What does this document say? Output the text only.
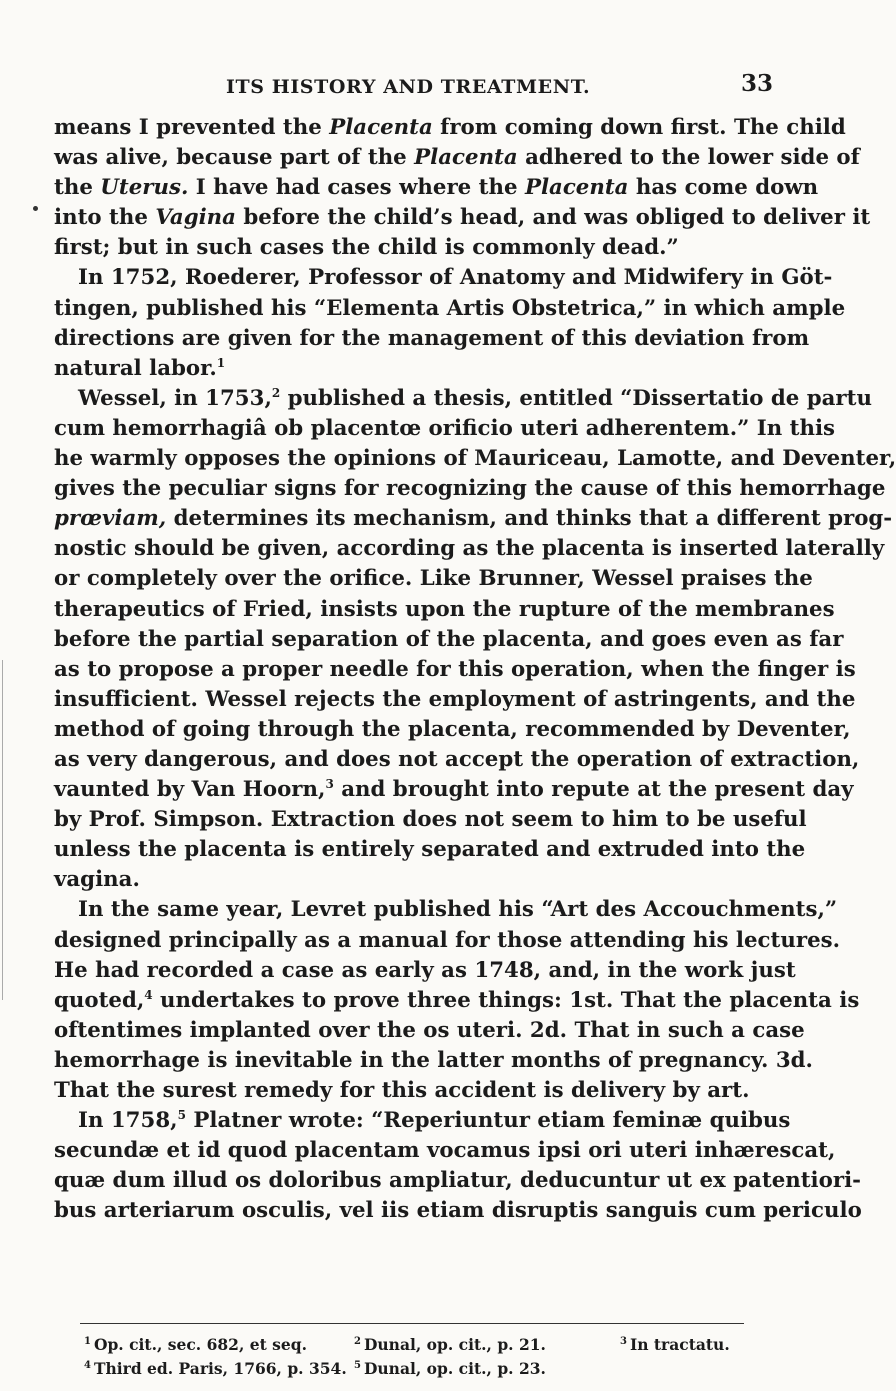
ITS HISTORY AND TREATMENT.	33
means I prevented the Placenta from coming down first. The child
was alive, because part of the Placenta adhered to the lower side of
the Uterus. I have had cases where the Placenta has come down
into the Vagina before the child’s head, and was obliged to deliver it
first; but in such cases the child is commonly dead.”
In 1752, Roederer, Professor of Anatomy and Midwifery in Göt-
tingen, published his “Elementa Artis Obstetrica,” in which ample
directions are given for the management of this deviation from
natural labor.$^1$
Wessel, in 1753,$^2$ published a thesis, entitled “Dissertatio de partu
cum hemorrhagiâ ob placentœ orificio uteri adherentem.” In this
he warmly opposes the opinions of Mauriceau, Lamotte, and Deventer,
gives the peculiar signs for recognizing the cause of this hemorrhage
prœviam, determines its mechanism, and thinks that a different prog-
nostic should be given, according as the placenta is inserted laterally
or completely over the orifice. Like Brunner, Wessel praises the
therapeutics of Fried, insists upon the rupture of the membranes
before the partial separation of the placenta, and goes even as far
as to propose a proper needle for this operation, when the finger is
insufficient. Wessel rejects the employment of astringents, and the
method of going through the placenta, recommended by Deventer,
as very dangerous, and does not accept the operation of extraction,
vaunted by Van Hoorn,$^3$ and brought into repute at the present day
by Prof. Simpson. Extraction does not seem to him to be useful
unless the placenta is entirely separated and extruded into the
vagina.
In the same year, Levret published his “Art des Accouchments,”
designed principally as a manual for those attending his lectures.
He had recorded a case as early as 1748, and, in the work just
quoted,$^4$ undertakes to prove three things: 1st. That the placenta is
oftentimes implanted over the os uteri. 2d. That in such a case
hemorrhage is inevitable in the latter months of pregnancy. 3d.
That the surest remedy for this accident is delivery by art.
In 1758,$^5$ Platner wrote: “Reperiuntur etiam feminæ quibus
secundæ et id quod placentam vocamus ipsi ori uteri inhærescat,
quæ dum illud os doloribus ampliatur, deducuntur ut ex patentiori-
bus arteriarum osculis, vel iis etiam disruptis sanguis cum periculo
$^1$ Op. cit., sec. 682, et seq.	$^2$ Dunal, op. cit., p. 21.	$^3$ In tractatu.
$^4$ Third ed. Paris, 1766, p. 354. $^5$ Dunal, op. cit., p. 23.
